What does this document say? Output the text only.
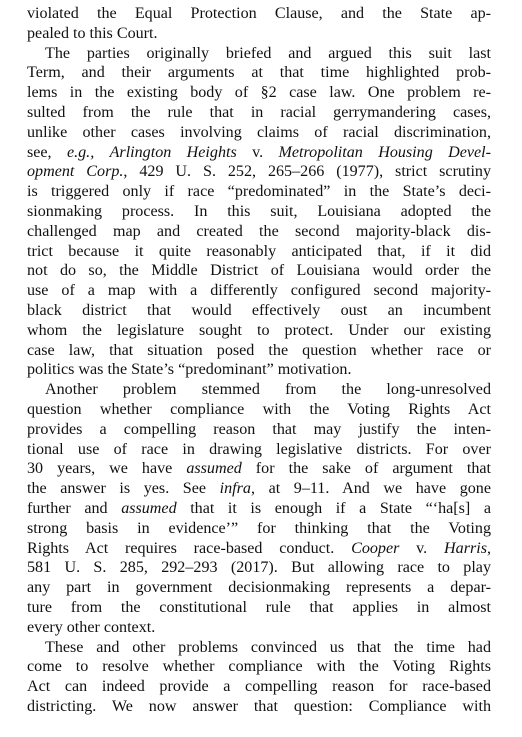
violated the Equal Protection Clause, and the State ap-
pealed to this Court.
The parties originally briefed and argued this suit last
Term, and their arguments at that time highlighted prob-
lems in the existing body of §2 case law. One problem re-
sulted from the rule that in racial gerrymandering cases,
unlike other cases involving claims of racial discrimination,
see, e.g., Arlington Heights v. Metropolitan Housing Devel-
opment Corp., 429 U. S. 252, 265–266 (1977), strict scrutiny
is triggered only if race “predominated” in the State’s deci-
sionmaking process. In this suit, Louisiana adopted the
challenged map and created the second majority-black dis-
trict because it quite reasonably anticipated that, if it did
not do so, the Middle District of Louisiana would order the
use of a map with a differently configured second majority-
black district that would effectively oust an incumbent
whom the legislature sought to protect. Under our existing
case law, that situation posed the question whether race or
politics was the State’s “predominant” motivation.
Another problem stemmed from the long-unresolved
question whether compliance with the Voting Rights Act
provides a compelling reason that may justify the inten-
tional use of race in drawing legislative districts. For over
30 years, we have assumed for the sake of argument that
the answer is yes. See infra, at 9–11. And we have gone
further and assumed that it is enough if a State “‘ha[s] a
strong basis in evidence’” for thinking that the Voting
Rights Act requires race-based conduct. Cooper v. Harris,
581 U. S. 285, 292–293 (2017). But allowing race to play
any part in government decisionmaking represents a depar-
ture from the constitutional rule that applies in almost
every other context.
These and other problems convinced us that the time had
come to resolve whether compliance with the Voting Rights
Act can indeed provide a compelling reason for race-based
districting. We now answer that question: Compliance with
